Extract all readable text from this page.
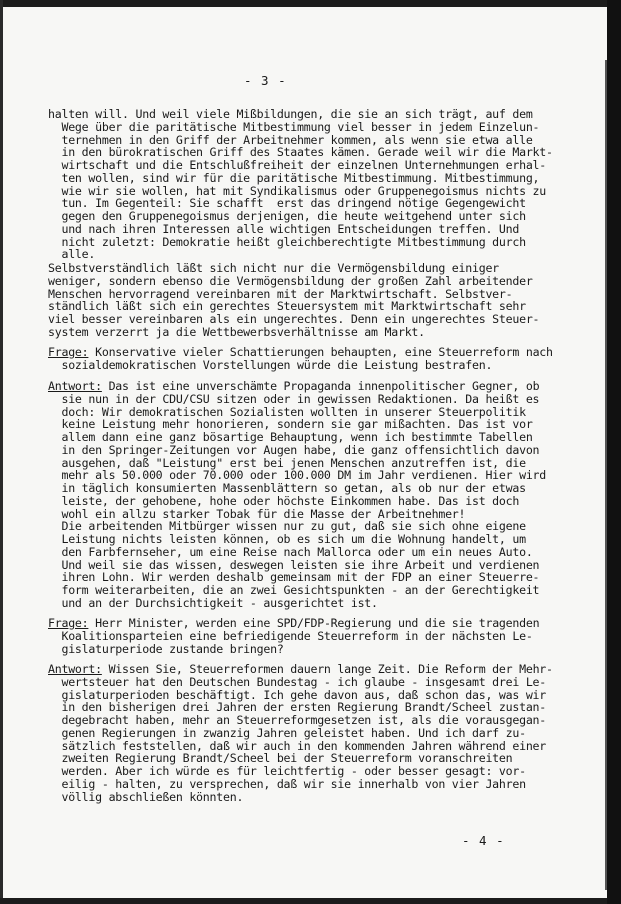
- 3 -
halten will. Und weil viele Mißbildungen, die sie an sich trägt, auf dem
Wege über die paritätische Mitbestimmung viel besser in jedem Einzelun-
ternehmen in den Griff der Arbeitnehmer kommen, als wenn sie etwa alle
in den bürokratischen Griff des Staates kämen. Gerade weil wir die Markt-
wirtschaft und die Entschlußfreiheit der einzelnen Unternehmungen erhal-
ten wollen, sind wir für die paritätische Mitbestimmung. Mitbestimmung,
wie wir sie wollen, hat mit Syndikalismus oder Gruppenegoismus nichts zu
tun. Im Gegenteil: Sie schafft  erst das dringend nötige Gegengewicht
gegen den Gruppenegoismus derjenigen, die heute weitgehend unter sich
und nach ihren Interessen alle wichtigen Entscheidungen treffen. Und
nicht zuletzt: Demokratie heißt gleichberechtigte Mitbestimmung durch
alle.
Selbstverständlich läßt sich nicht nur die Vermögensbildung einiger
weniger, sondern ebenso die Vermögensbildung der großen Zahl arbeitender
Menschen hervorragend vereinbaren mit der Marktwirtschaft. Selbstver-
ständlich läßt sich ein gerechtes Steuersystem mit Marktwirtschaft sehr
viel besser vereinbaren als ein ungerechtes. Denn ein ungerechtes Steuer-
system verzerrt ja die Wettbewerbsverhältnisse am Markt.
Frage: Konservative vieler Schattierungen behaupten, eine Steuerreform nach
sozialdemokratischen Vorstellungen würde die Leistung bestrafen.
Antwort: Das ist eine unverschämte Propaganda innenpolitischer Gegner, ob
sie nun in der CDU/CSU sitzen oder in gewissen Redaktionen. Da heißt es
doch: Wir demokratischen Sozialisten wollten in unserer Steuerpolitik
keine Leistung mehr honorieren, sondern sie gar mißachten. Das ist vor
allem dann eine ganz bösartige Behauptung, wenn ich bestimmte Tabellen
in den Springer-Zeitungen vor Augen habe, die ganz offensichtlich davon
ausgehen, daß "Leistung" erst bei jenen Menschen anzutreffen ist, die
mehr als 50.000 oder 70.000 oder 100.000 DM im Jahr verdienen. Hier wird
in täglich konsumierten Massenblättern so getan, als ob nur der etwas
leiste, der gehobene, hohe oder höchste Einkommen habe. Das ist doch
wohl ein allzu starker Tobak für die Masse der Arbeitnehmer!
Die arbeitenden Mitbürger wissen nur zu gut, daß sie sich ohne eigene
Leistung nichts leisten können, ob es sich um die Wohnung handelt, um
den Farbfernseher, um eine Reise nach Mallorca oder um ein neues Auto.
Und weil sie das wissen, deswegen leisten sie ihre Arbeit und verdienen
ihren Lohn. Wir werden deshalb gemeinsam mit der FDP an einer Steuerre-
form weiterarbeiten, die an zwei Gesichtspunkten - an der Gerechtigkeit
und an der Durchsichtigkeit - ausgerichtet ist.
Frage: Herr Minister, werden eine SPD/FDP-Regierung und die sie tragenden
Koalitionsparteien eine befriedigende Steuerreform in der nächsten Le-
gislaturperiode zustande bringen?
Antwort: Wissen Sie, Steuerreformen dauern lange Zeit. Die Reform der Mehr-
wertsteuer hat den Deutschen Bundestag - ich glaube - insgesamt drei Le-
gislaturperioden beschäftigt. Ich gehe davon aus, daß schon das, was wir
in den bisherigen drei Jahren der ersten Regierung Brandt/Scheel zustan-
degebracht haben, mehr an Steuerreformgesetzen ist, als die vorausgegan-
genen Regierungen in zwanzig Jahren geleistet haben. Und ich darf zu-
sätzlich feststellen, daß wir auch in den kommenden Jahren während einer
zweiten Regierung Brandt/Scheel bei der Steuerreform voranschreiten
werden. Aber ich würde es für leichtfertig - oder besser gesagt: vor-
eilig - halten, zu versprechen, daß wir sie innerhalb von vier Jahren
völlig abschließen könnten.
- 4 -
